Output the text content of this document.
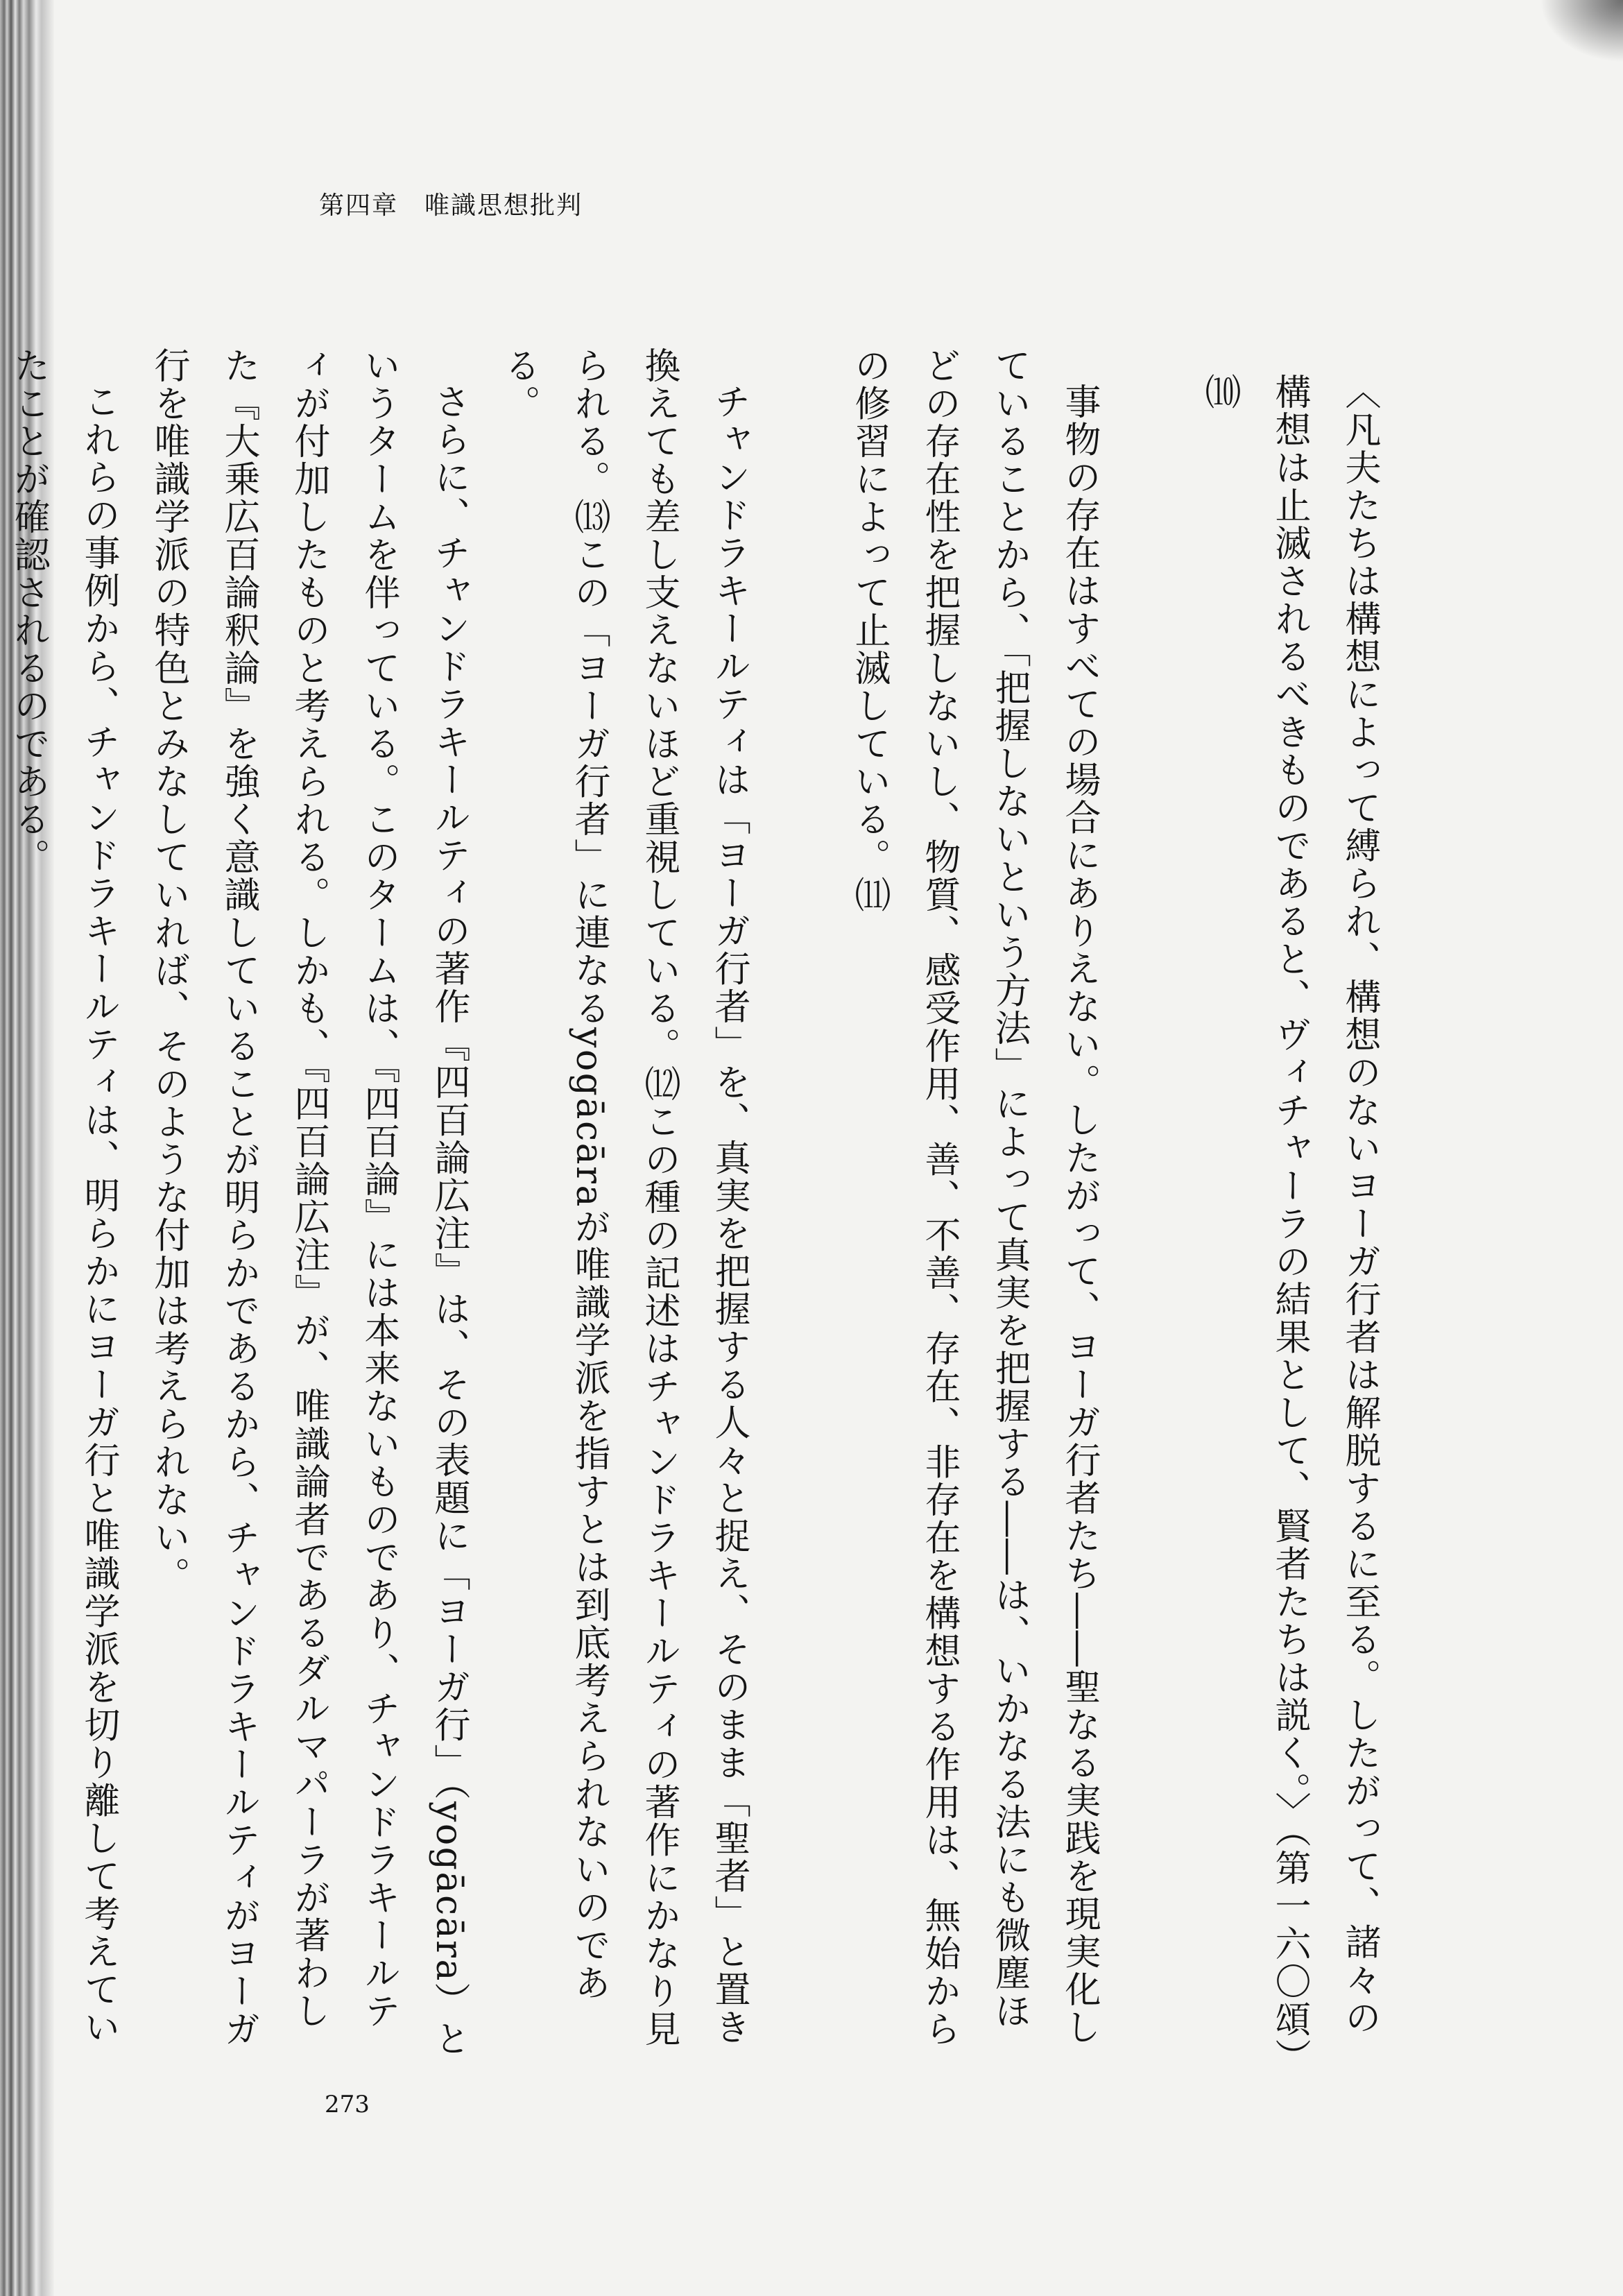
第四章　唯識思想批判

〈凡夫たちは構想によって縛られ、構想のないヨーガ行者は解脱するに至る。したがって、諸々の構想は止滅されるべきものであると、ヴィチャーラの結果として、賢者たちは説く。〉（第一六〇頌）⑽

事物の存在はすべての場合にありえない。したがって、ヨーガ行者たち――聖なる実践を現実化していることから、「把握しないという方法」によって真実を把握する――は、いかなる法にも微塵ほどの存在性を把握しないし、物質、感受作用、善、不善、存在、非存在を構想する作用は、無始からの修習によって止滅している。⑾

チャンドラキールティは「ヨーガ行者」を、真実を把握する人々と捉え、そのまま「聖者」と置き換えても差し支えないほど重視している。⑿この種の記述はチャンドラキールティの著作にかなり見られる。⒀この「ヨーガ行者」に連なるyogācāraが唯識学派を指すとは到底考えられないのである。

さらに、チャンドラキールティの著作『四百論広注』は、その表題に「ヨーガ行」（yogācāra）というタームを伴っている。このタームは、『四百論』には本来ないものであり、チャンドラキールティが付加したものと考えられる。しかも、『四百論広注』が、唯識論者であるダルマパーラが著わした『大乗広百論釈論』を強く意識していることが明らかであるから、チャンドラキールティがヨーガ行を唯識学派の特色とみなしていれば、そのような付加は考えられない。

これらの事例から、チャンドラキールティは、明らかにヨーガ行と唯識学派を切り離して考えていたことが確認されるのである。

273
